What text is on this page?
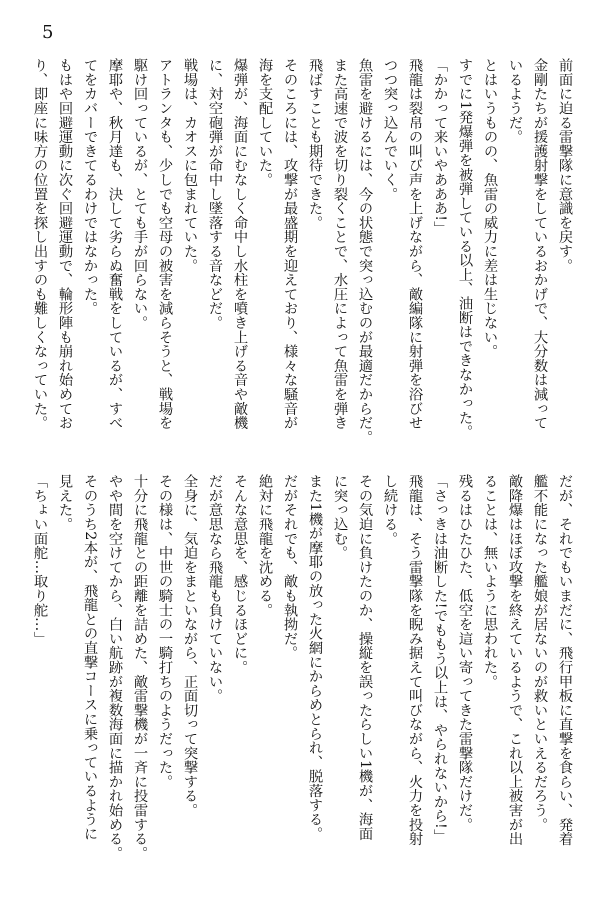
5
前面に迫る雷撃隊に意識を戻す。
金剛たちが援護射撃をしているおかげで、大分数は減って
いるようだ。
とはいうものの、魚雷の威力に差は生じない。
すでに1発爆弾を被弾している以上、油断はできなかった。
「かかって来いやあああ!」
飛龍は裂帛の叫び声を上げながら、敵編隊に射弾を浴びせ
つつ突っ込んでいく。
魚雷を避けるには、今の状態で突っ込むのが最適だからだ。
また高速で波を切り裂くことで、水圧によって魚雷を弾き
飛ばすことも期待できた。
そのころには、攻撃が最盛期を迎えており、様々な騒音が
海を支配していた。
爆弾が、海面にむなしく命中し水柱を噴き上げる音や敵機
に、対空砲弾が命中し墜落する音などだ。
戦場は、カオスに包まれていた。
アトランタも、少しでも空母の被害を減らそうと、戦場を
駆け回っているが、とても手が回らない。
摩耶や、秋月達も、決して劣らぬ奮戦をしているが、すべ
てをカバーできてるわけではなかった。
もはや回避運動に次ぐ回避運動で、輪形陣も崩れ始めてお
り、即座に味方の位置を探し出すのも難しくなっていた。
だが、それでもいまだに、飛行甲板に直撃を食らい、発着
艦不能になった艦娘が居ないのが救いといえるだろう。
敵降爆はほぼ攻撃を終えているようで、これ以上被害が出
ることは、無いように思われた。
残るはひたひた、低空を這い寄ってきた雷撃隊だけだ。
「さっきは油断した!でももう以上は、やられないから!」
飛龍は、そう雷撃隊を睨み据えて叫びながら、火力を投射
し続ける。
その気迫に負けたのか、操縦を誤ったらしい1機が、海面
に突っ込む。
また1機が摩耶の放った火網にからめとられ、脱落する。
だがそれでも、敵も執拗だ。
絶対に飛龍を沈める。
そんな意思を、感じるほどに。
だが意思なら飛龍も負けていない。
全身に、気迫をまといながら、正面切って突撃する。
その様は、中世の騎士の一騎打ちのようだった。
十分に飛龍との距離を詰めた、敵雷撃機が一斉に投雷する。
やや間を空けてから、白い航跡が複数海面に描かれ始める。
そのうち2本が、飛龍との直撃コースに乗っているように
見えた。
「ちょい面舵…取り舵…」
